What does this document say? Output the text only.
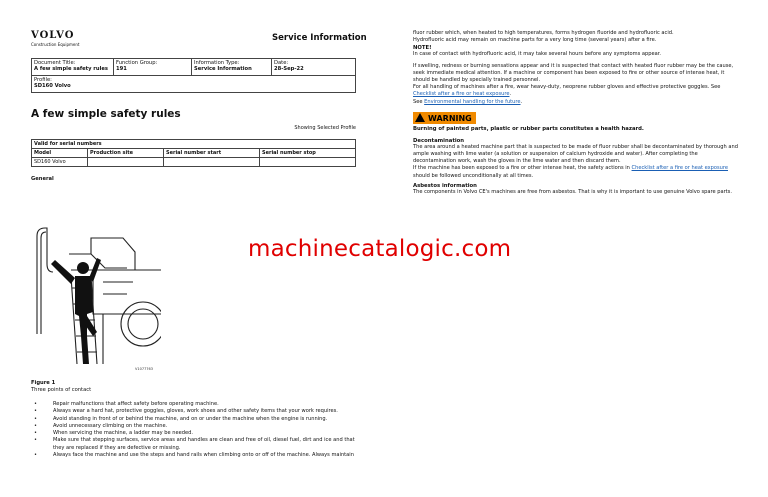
VOLVO
Construction Equipment
Service Information
Document Title:
A few simple safety rules

Function Group:
191

Information Type:
Service Information

Date:
28-Sep-22

Profile:
SD160 Volvo
A few simple safety rules
Showing Selected Profile
Valid for serial numbers			
Model	Production site	Serial number start	Serial number stop
SD160 Volvo			
General
V1077763
Figure 1
Three points of contact
•	Repair malfunctions that affect safety before operating machine.
•	Always wear a hard hat, protective goggles, gloves, work shoes and other safety items that your work requires.
•	Avoid standing in front of or behind the machine, and on or under the machine when the engine is running.
•	Avoid unnecessary climbing on the machine.
•	When servicing the machine, a ladder may be needed.
•	Make sure that stepping surfaces, service areas and handles are clean and free of oil, diesel fuel, dirt and ice and that they are replaced if they are defective or missing.
•	Always face the machine and use the steps and hand rails when climbing onto or off of the machine. Always maintain

fluor rubber which, when heated to high temperatures, forms hydrogen fluoride and hydrofluoric acid.

Hydrofluoric acid may remain on machine parts for a very long time (several years) after a fire.

NOTE!

In case of contact with hydrofluoric acid, it may take several hours before any symptoms appear.

If swelling, redness or burning sensations appear and it is suspected that contact with heated fluor rubber may be the cause, seek immediate medical attention. If a machine or component has been exposed to fire or other source of intense heat, it should be handled by specially trained personnel.

For all handling of machines after a fire, wear heavy-duty, neoprene rubber gloves and effective protective goggles. See Checklist after a fire or heat exposure.

See Environmental handling for the future.

WARNING

Burning of painted parts, plastic or rubber parts constitutes a health hazard.

Decontamination

The area around a heated machine part that is suspected to be made of fluor rubber shall be decontaminated by thorough and ample washing with lime water (a solution or suspension of calcium hydroxide and water). After completing the decontamination work, wash the gloves in the lime water and then discard them.

If the machine has been exposed to a fire or other intense heat, the safety actions in Checklist after a fire or heat exposure should be followed unconditionally at all times.

Asbestos information

The components in Volvo CE's machines are free from asbestos. That is why it is important to use genuine Volvo spare parts.

machinecatalogic.com
